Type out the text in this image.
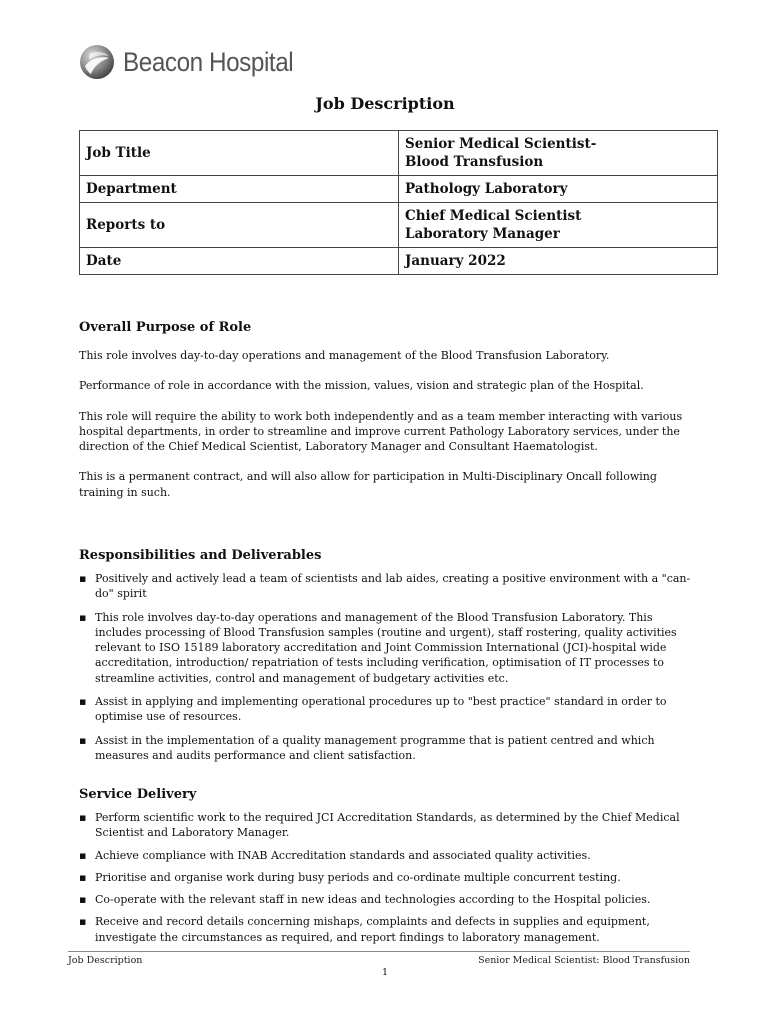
Beacon Hospital
Job Description
Job Title	Senior Medical Scientist-
Blood Transfusion

Department	Pathology Laboratory

Reports to	Chief Medical Scientist
Laboratory Manager

Date	January 2022
Overall Purpose of Role

This role involves day-to-day operations and management of the Blood Transfusion Laboratory.

Performance of role in accordance with the mission, values, vision and strategic plan of the Hospital.

This role will require the ability to work both independently and as a team member interacting with various hospital departments, in order to streamline and improve current Pathology Laboratory services, under the direction of the Chief Medical Scientist, Laboratory Manager and Consultant Haematologist.

This is a permanent contract, and will also allow for participation in Multi-Disciplinary Oncall following training in such.

Responsibilities and Deliverables
▪ Positively and actively lead a team of scientists and lab aides, creating a positive environment with a "can-do" spirit
▪ This role involves day-to-day operations and management of the Blood Transfusion Laboratory. This includes processing of Blood Transfusion samples (routine and urgent), staff rostering, quality activities relevant to ISO 15189 laboratory accreditation and Joint Commission International (JCI)-hospital wide accreditation, introduction/ repatriation of tests including verification, optimisation of IT processes to streamline activities, control and management of budgetary activities etc.
▪ Assist in applying and implementing operational procedures up to "best practice" standard in order to optimise use of resources.
▪ Assist in the implementation of a quality management programme that is patient centred and which measures and audits performance and client satisfaction.
Service Delivery
▪ Perform scientific work to the required JCI Accreditation Standards, as determined by the Chief Medical Scientist and Laboratory Manager.
▪ Achieve compliance with INAB Accreditation standards and associated quality activities.
▪ Prioritise and organise work during busy periods and co-ordinate multiple concurrent testing.
▪ Co-operate with the relevant staff in new ideas and technologies according to the Hospital policies.
▪ Receive and record details concerning mishaps, complaints and defects in supplies and equipment, investigate the circumstances as required, and report findings to laboratory management.
Job Description	Senior Medical Scientist: Blood Transfusion
1
